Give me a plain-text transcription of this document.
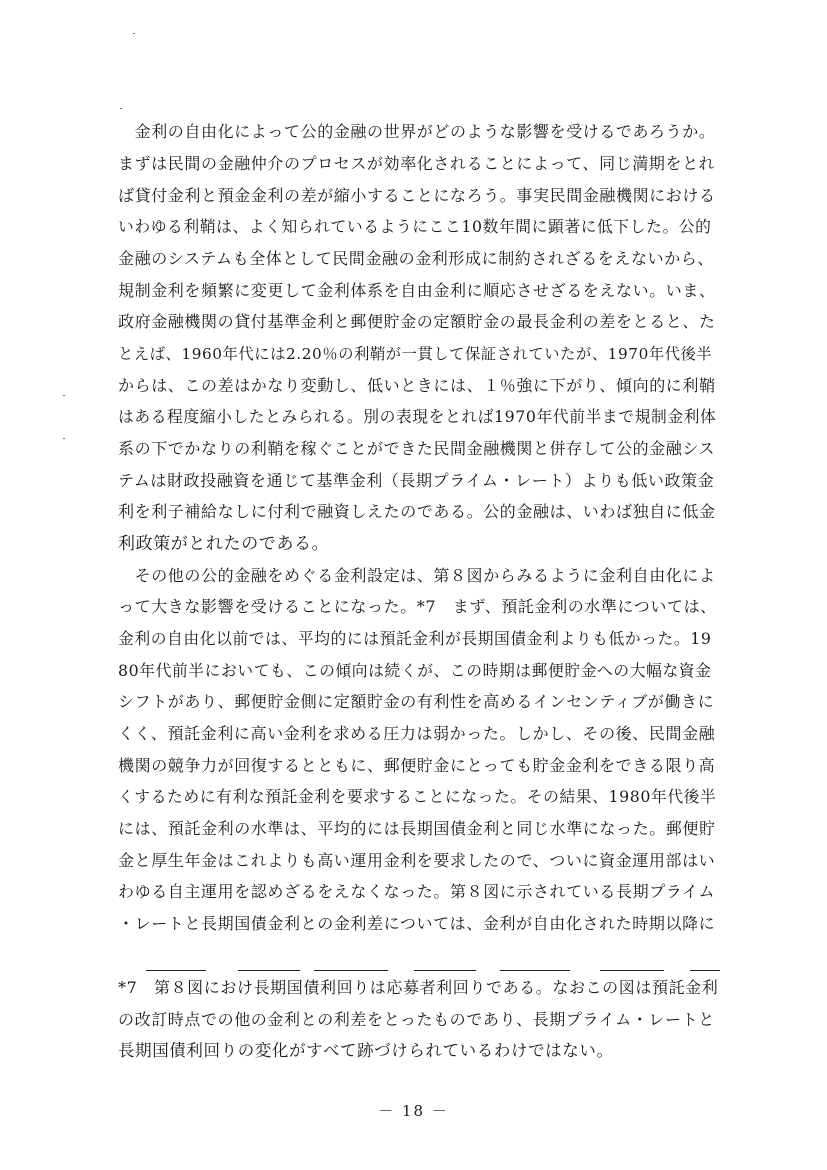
　金利の自由化によって公的金融の世界がどのような影響を受けるであろうか。
まずは民間の金融仲介のプロセスが効率化されることによって、同じ満期をとれ
ば貸付金利と預金金利の差が縮小することになろう。事実民間金融機関における
いわゆる利鞘は、よく知られているようにここ10数年間に顕著に低下した。公的
金融のシステムも全体として民間金融の金利形成に制約されざるをえないから、
規制金利を頻繁に変更して金利体系を自由金利に順応させざるをえない。いま、
政府金融機関の貸付基準金利と郵便貯金の定額貯金の最長金利の差をとると、た
とえば、1960年代には2.20％の利鞘が一貫して保証されていたが、1970年代後半
からは、この差はかなり変動し、低いときには、１％強に下がり、傾向的に利鞘
はある程度縮小したとみられる。別の表現をとれば1970年代前半まで規制金利体
系の下でかなりの利鞘を稼ぐことができた民間金融機関と併存して公的金融シス
テムは財政投融資を通じて基準金利（長期プライム・レート）よりも低い政策金
利を利子補給なしに付利で融資しえたのである。公的金融は、いわば独自に低金
利政策がとれたのである。
　その他の公的金融をめぐる金利設定は、第８図からみるように金利自由化によ
って大きな影響を受けることになった。*7　まず、預託金利の水準については、
金利の自由化以前では、平均的には預託金利が長期国債金利よりも低かった。19
80年代前半においても、この傾向は続くが、この時期は郵便貯金への大幅な資金
シフトがあり、郵便貯金側に定額貯金の有利性を高めるインセンティブが働きに
くく、預託金利に高い金利を求める圧力は弱かった。しかし、その後、民間金融
機関の競争力が回復するとともに、郵便貯金にとっても貯金金利をできる限り高
くするために有利な預託金利を要求することになった。その結果、1980年代後半
には、預託金利の水準は、平均的には長期国債金利と同じ水準になった。郵便貯
金と厚生年金はこれよりも高い運用金利を要求したので、ついに資金運用部はい
わゆる自主運用を認めざるをえなくなった。第８図に示されている長期プライム
・レートと長期国債金利との金利差については、金利が自由化された時期以降に
*7　第８図におけ長期国債利回りは応募者利回りである。なおこの図は預託金利
の改訂時点での他の金利との利差をとったものであり、長期プライム・レートと
長期国債利回りの変化がすべて跡づけられているわけではない。
－ 18 －
